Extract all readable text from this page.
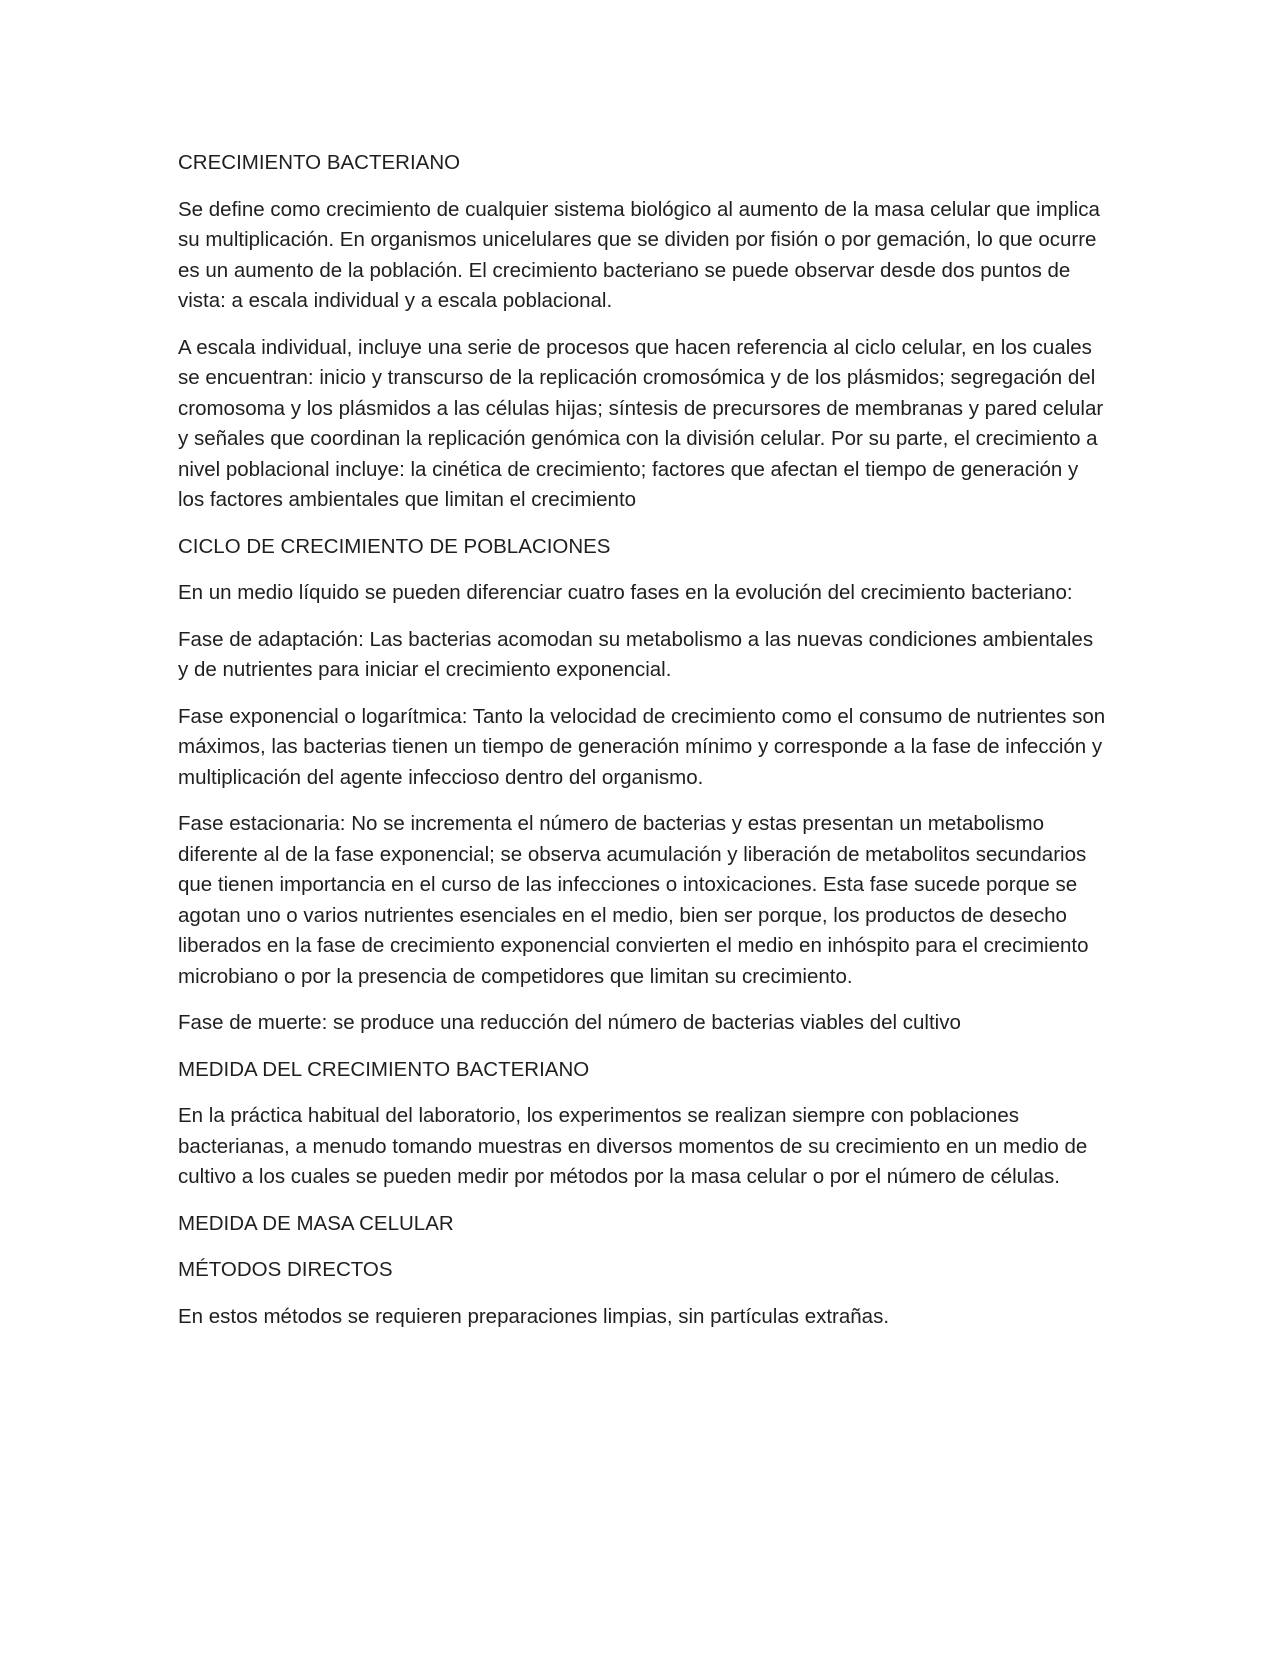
CRECIMIENTO BACTERIANO

Se define como crecimiento de cualquier sistema biológico al aumento de la masa celular que implica su multiplicación. En organismos unicelulares que se dividen por fisión o por gemación, lo que ocurre es un aumento de la población. El crecimiento bacteriano se puede observar desde dos puntos de vista: a escala individual y a escala poblacional.

A escala individual, incluye una serie de procesos que hacen referencia al ciclo celular, en los cuales se encuentran: inicio y transcurso de la replicación cromosómica y de los plásmidos; segregación del cromosoma y los plásmidos a las células hijas; síntesis de precursores de membranas y pared celular y señales que coordinan la replicación genómica con la división celular. Por su parte, el crecimiento a nivel poblacional incluye: la cinética de crecimiento; factores que afectan el tiempo de generación y los factores ambientales que limitan el crecimiento

CICLO DE CRECIMIENTO DE POBLACIONES

En un medio líquido se pueden diferenciar cuatro fases en la evolución del crecimiento bacteriano:

Fase de adaptación: Las bacterias acomodan su metabolismo a las nuevas condiciones ambientales y de nutrientes para iniciar el crecimiento exponencial.

Fase exponencial o logarítmica: Tanto la velocidad de crecimiento como el consumo de nutrientes son máximos, las bacterias tienen un tiempo de generación mínimo y corresponde a la fase de infección y multiplicación del agente infeccioso dentro del organismo.

Fase estacionaria: No se incrementa el número de bacterias y estas presentan un metabolismo diferente al de la fase exponencial; se observa acumulación y liberación de metabolitos secundarios que tienen importancia en el curso de las infecciones o intoxicaciones. Esta fase sucede porque se agotan uno o varios nutrientes esenciales en el medio, bien ser porque, los productos de desecho liberados en la fase de crecimiento exponencial convierten el medio en inhóspito para el crecimiento microbiano o por la presencia de competidores que limitan su crecimiento.

Fase de muerte: se produce una reducción del número de bacterias viables del cultivo

MEDIDA DEL CRECIMIENTO BACTERIANO

En la práctica habitual del laboratorio, los experimentos se realizan siempre con poblaciones bacterianas, a menudo tomando muestras en diversos momentos de su crecimiento en un medio de cultivo a los cuales se pueden medir por métodos por la masa celular o por el número de células.

MEDIDA DE MASA CELULAR

MÉTODOS DIRECTOS

En estos métodos se requieren preparaciones limpias, sin partículas extrañas.
